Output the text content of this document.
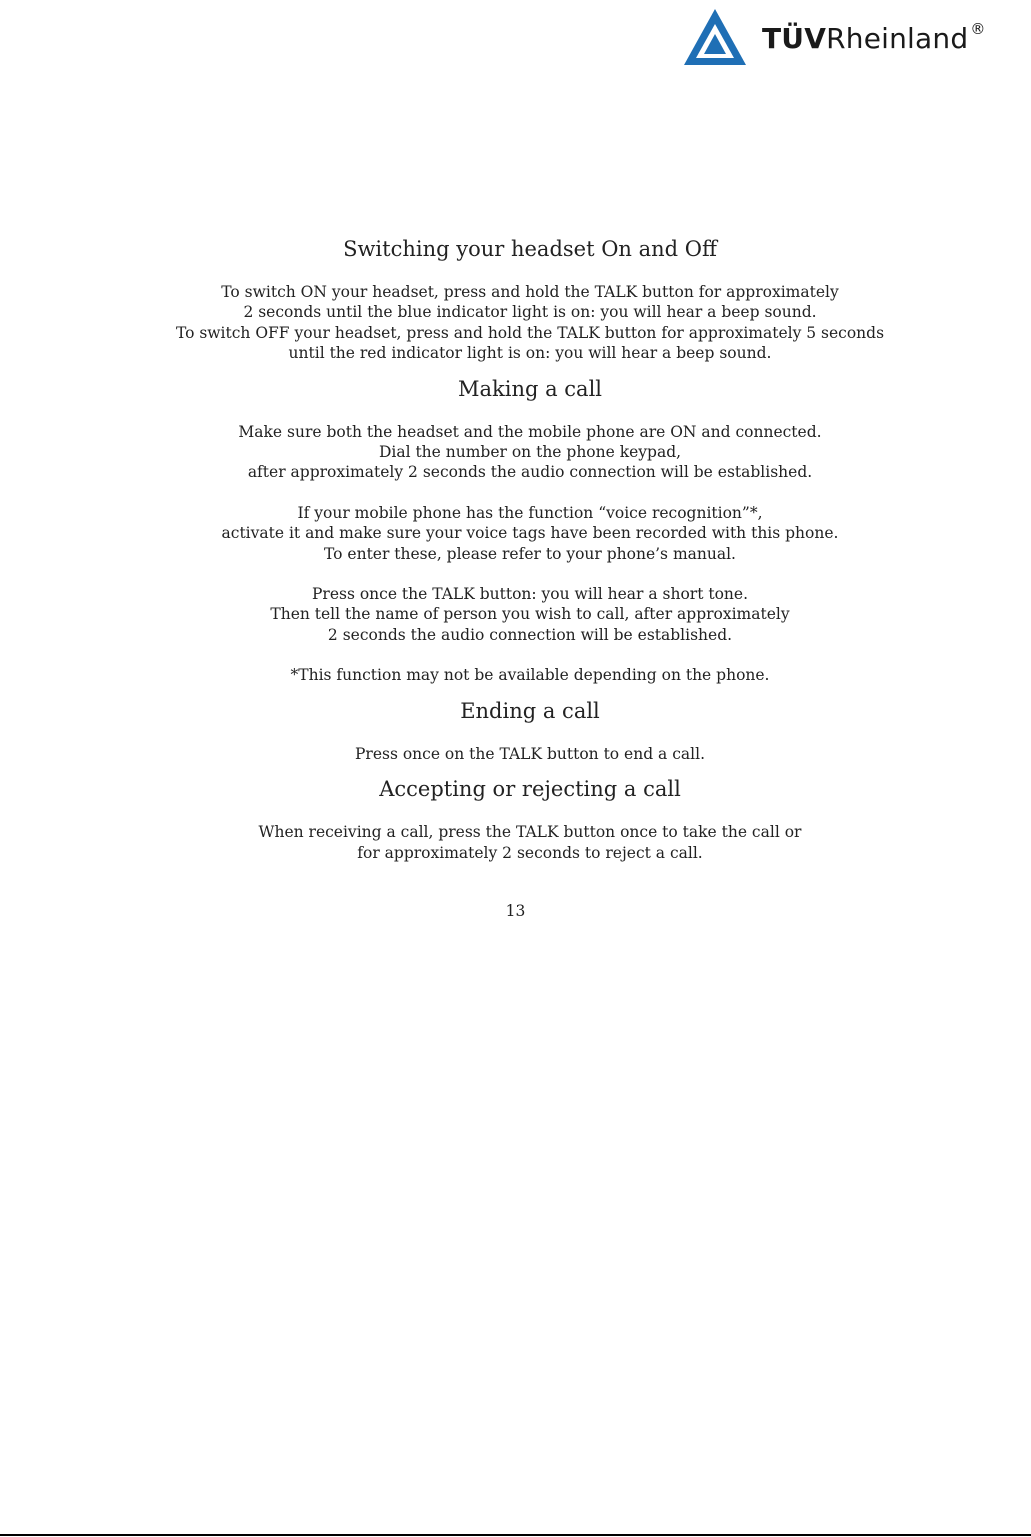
TÜVRheinland ®
Switching your headset On and Off

To switch ON your headset, press and hold the TALK button for approximately
2 seconds until the blue indicator light is on: you will hear a beep sound.
To switch OFF your headset, press and hold the TALK button for approximately 5 seconds
until the red indicator light is on: you will hear a beep sound.

Making a call

Make sure both the headset and the mobile phone are ON and connected.
Dial the number on the phone keypad,
after approximately 2 seconds the audio connection will be established.

If your mobile phone has the function “voice recognition”*,
activate it and make sure your voice tags have been recorded with this phone.
To enter these, please refer to your phone’s manual.

Press once the TALK button: you will hear a short tone.
Then tell the name of person you wish to call, after approximately
2 seconds the audio connection will be established.

*This function may not be available depending on the phone.

Ending a call

Press once on the TALK button to end a call.

Accepting or rejecting a call

When receiving a call, press the TALK button once to take the call or
for approximately 2 seconds to reject a call.

13
